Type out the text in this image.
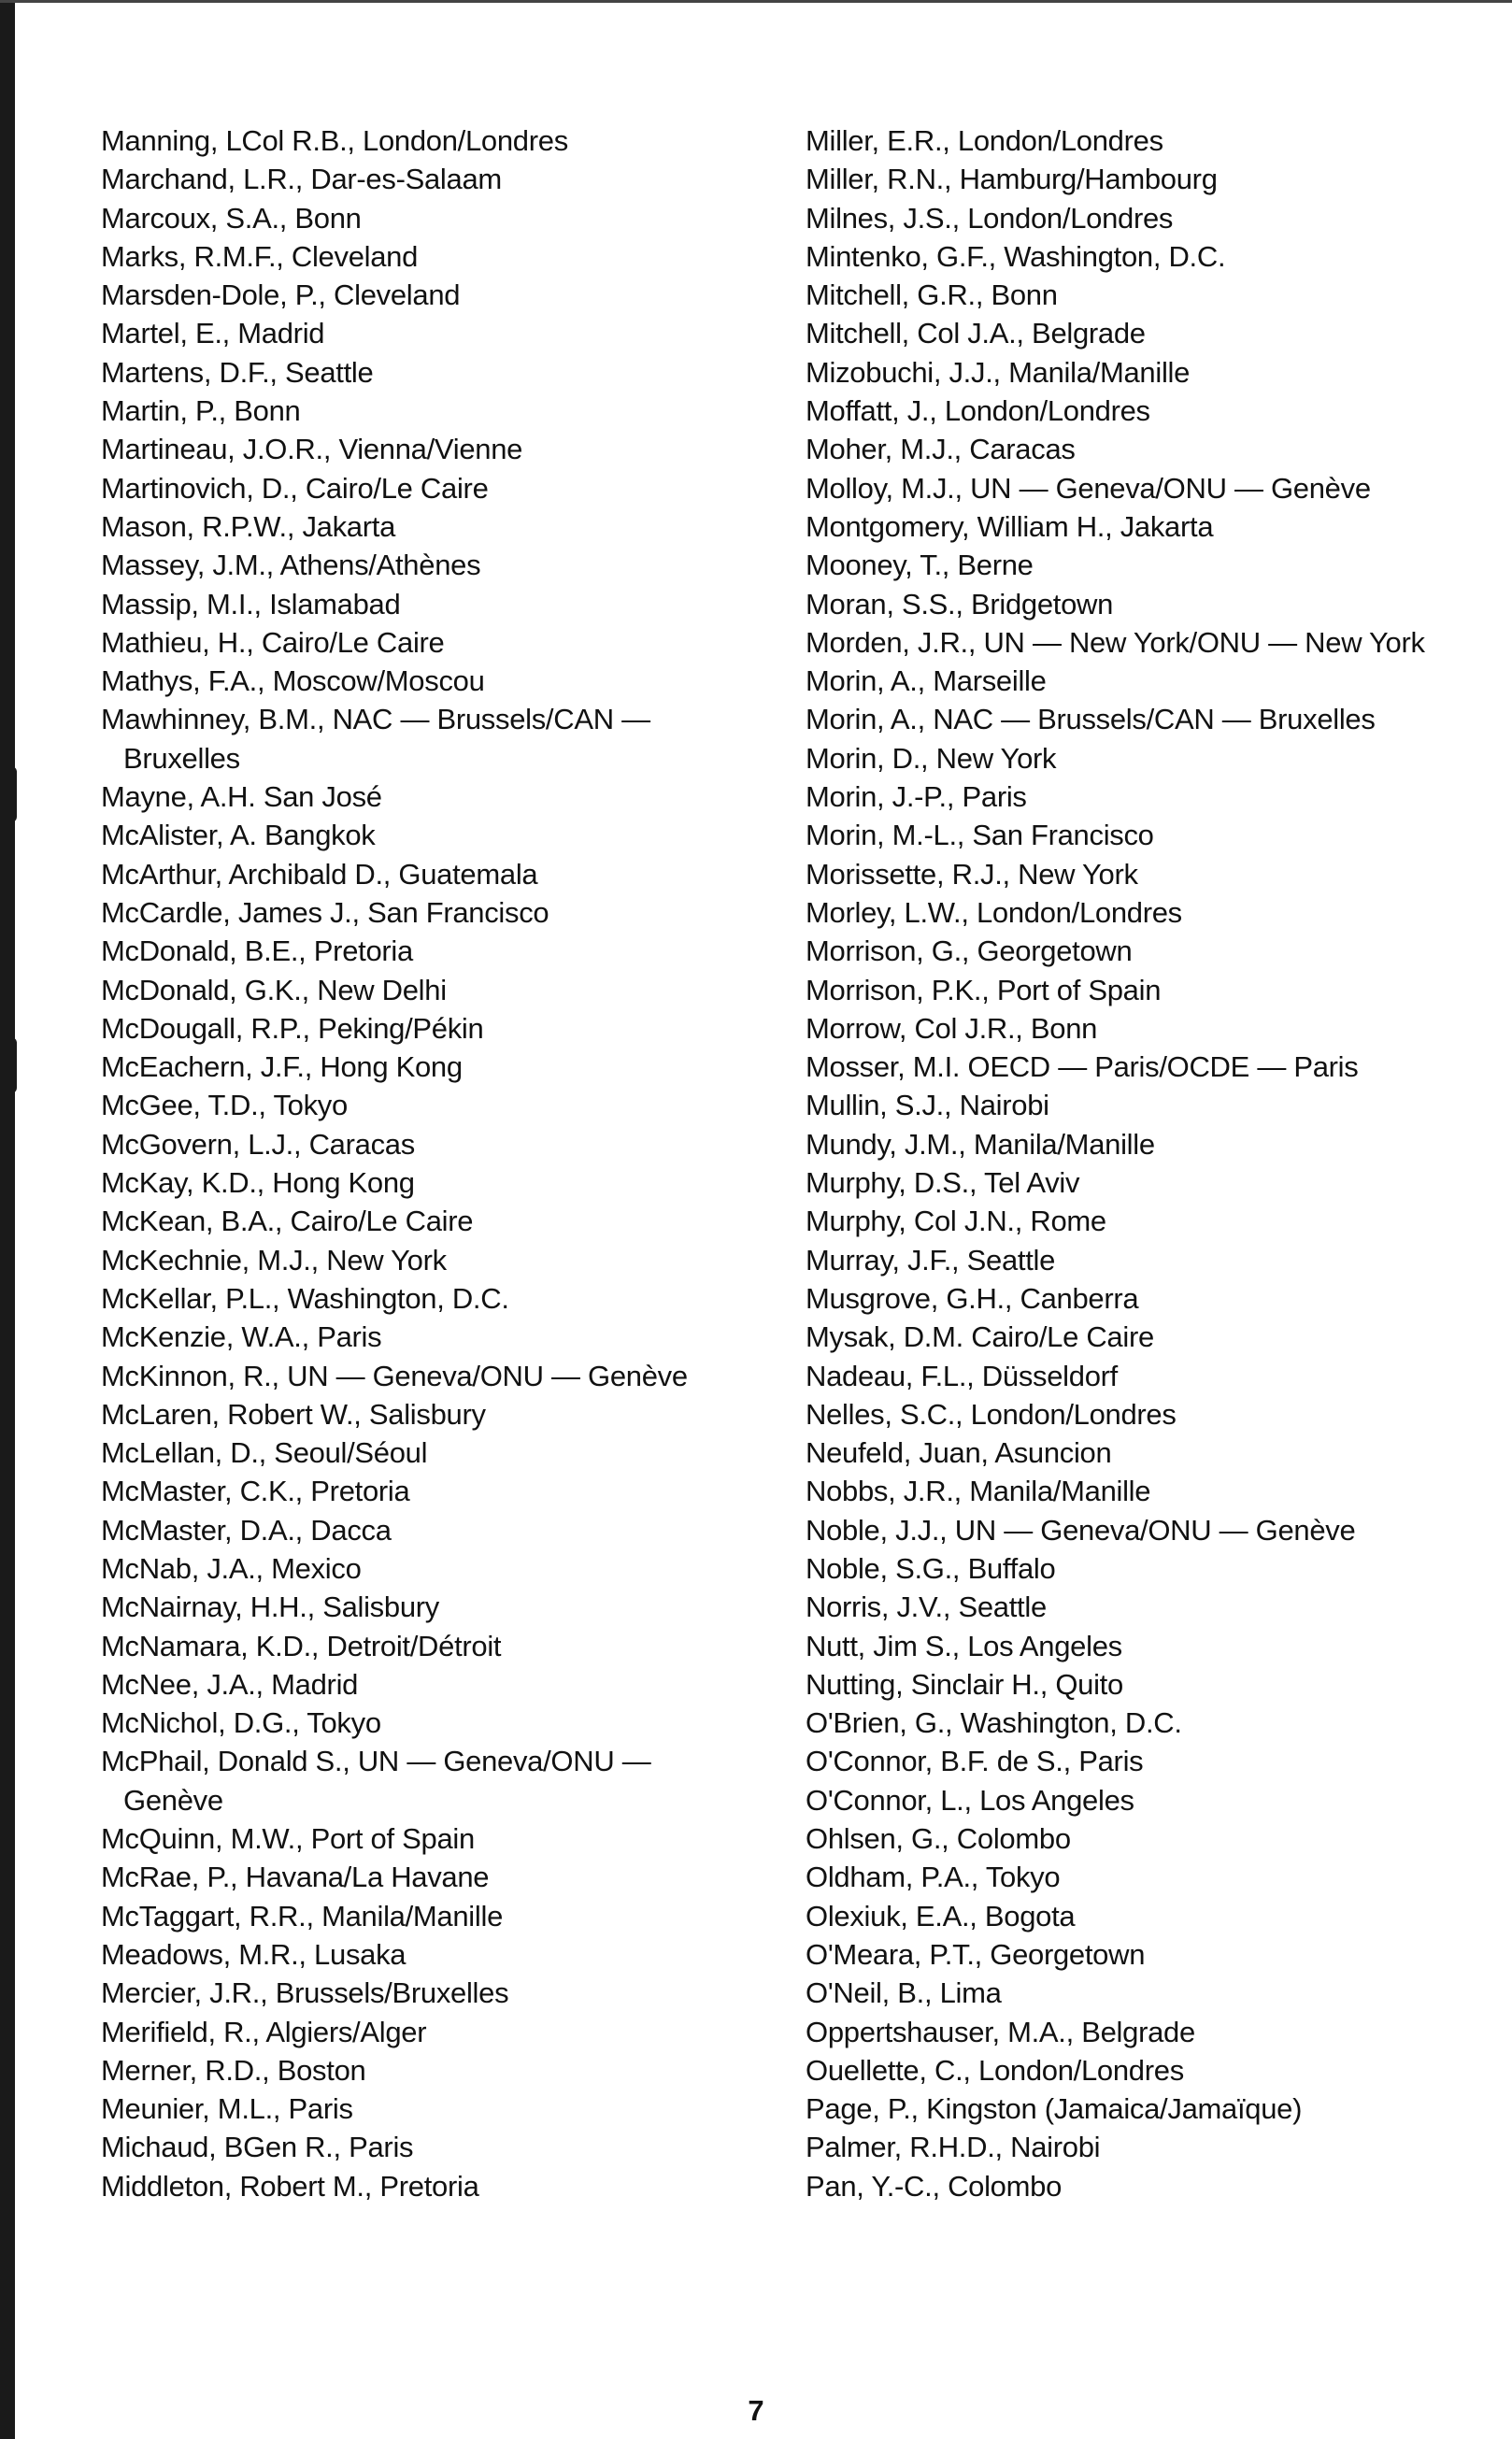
Manning, LCol R.B., London/Londres
Marchand, L.R., Dar-es-Salaam
Marcoux, S.A., Bonn
Marks, R.M.F., Cleveland
Marsden-Dole, P., Cleveland
Martel, E., Madrid
Martens, D.F., Seattle
Martin, P., Bonn
Martineau, J.O.R., Vienna/Vienne
Martinovich, D., Cairo/Le Caire
Mason, R.P.W., Jakarta
Massey, J.M., Athens/Athènes
Massip, M.I., Islamabad
Mathieu, H., Cairo/Le Caire
Mathys, F.A., Moscow/Moscou
Mawhinney, B.M., NAC — Brussels/CAN — Bruxelles
Mayne, A.H. San José
McAlister, A. Bangkok
McArthur, Archibald D., Guatemala
McCardle, James J., San Francisco
McDonald, B.E., Pretoria
McDonald, G.K., New Delhi
McDougall, R.P., Peking/Pékin
McEachern, J.F., Hong Kong
McGee, T.D., Tokyo
McGovern, L.J., Caracas
McKay, K.D., Hong Kong
McKean, B.A., Cairo/Le Caire
McKechnie, M.J., New York
McKellar, P.L., Washington, D.C.
McKenzie, W.A., Paris
McKinnon, R., UN — Geneva/ONU — Genève
McLaren, Robert W., Salisbury
McLellan, D., Seoul/Séoul
McMaster, C.K., Pretoria
McMaster, D.A., Dacca
McNab, J.A., Mexico
McNairnay, H.H., Salisbury
McNamara, K.D., Detroit/Détroit
McNee, J.A., Madrid
McNichol, D.G., Tokyo
McPhail, Donald S., UN — Geneva/ONU — Genève
McQuinn, M.W., Port of Spain
McRae, P., Havana/La Havane
McTaggart, R.R., Manila/Manille
Meadows, M.R., Lusaka
Mercier, J.R., Brussels/Bruxelles
Merifield, R., Algiers/Alger
Merner, R.D., Boston
Meunier, M.L., Paris
Michaud, BGen R., Paris
Middleton, Robert M., Pretoria
Miller, E.R., London/Londres
Miller, R.N., Hamburg/Hambourg
Milnes, J.S., London/Londres
Mintenko, G.F., Washington, D.C.
Mitchell, G.R., Bonn
Mitchell, Col J.A., Belgrade
Mizobuchi, J.J., Manila/Manille
Moffatt, J., London/Londres
Moher, M.J., Caracas
Molloy, M.J., UN — Geneva/ONU — Genève
Montgomery, William H., Jakarta
Mooney, T., Berne
Moran, S.S., Bridgetown
Morden, J.R., UN — New York/ONU — New York
Morin, A., Marseille
Morin, A., NAC — Brussels/CAN — Bruxelles
Morin, D., New York
Morin, J.-P., Paris
Morin, M.-L., San Francisco
Morissette, R.J., New York
Morley, L.W., London/Londres
Morrison, G., Georgetown
Morrison, P.K., Port of Spain
Morrow, Col J.R., Bonn
Mosser, M.I. OECD — Paris/OCDE — Paris
Mullin, S.J., Nairobi
Mundy, J.M., Manila/Manille
Murphy, D.S., Tel Aviv
Murphy, Col J.N., Rome
Murray, J.F., Seattle
Musgrove, G.H., Canberra
Mysak, D.M. Cairo/Le Caire
Nadeau, F.L., Düsseldorf
Nelles, S.C., London/Londres
Neufeld, Juan, Asuncion
Nobbs, J.R., Manila/Manille
Noble, J.J., UN — Geneva/ONU — Genève
Noble, S.G., Buffalo
Norris, J.V., Seattle
Nutt, Jim S., Los Angeles
Nutting, Sinclair H., Quito
O'Brien, G., Washington, D.C.
O'Connor, B.F. de S., Paris
O'Connor, L., Los Angeles
Ohlsen, G., Colombo
Oldham, P.A., Tokyo
Olexiuk, E.A., Bogota
O'Meara, P.T., Georgetown
O'Neil, B., Lima
Oppertshauser, M.A., Belgrade
Ouellette, C., London/Londres
Page, P., Kingston (Jamaica/Jamaïque)
Palmer, R.H.D., Nairobi
Pan, Y.-C., Colombo
7
